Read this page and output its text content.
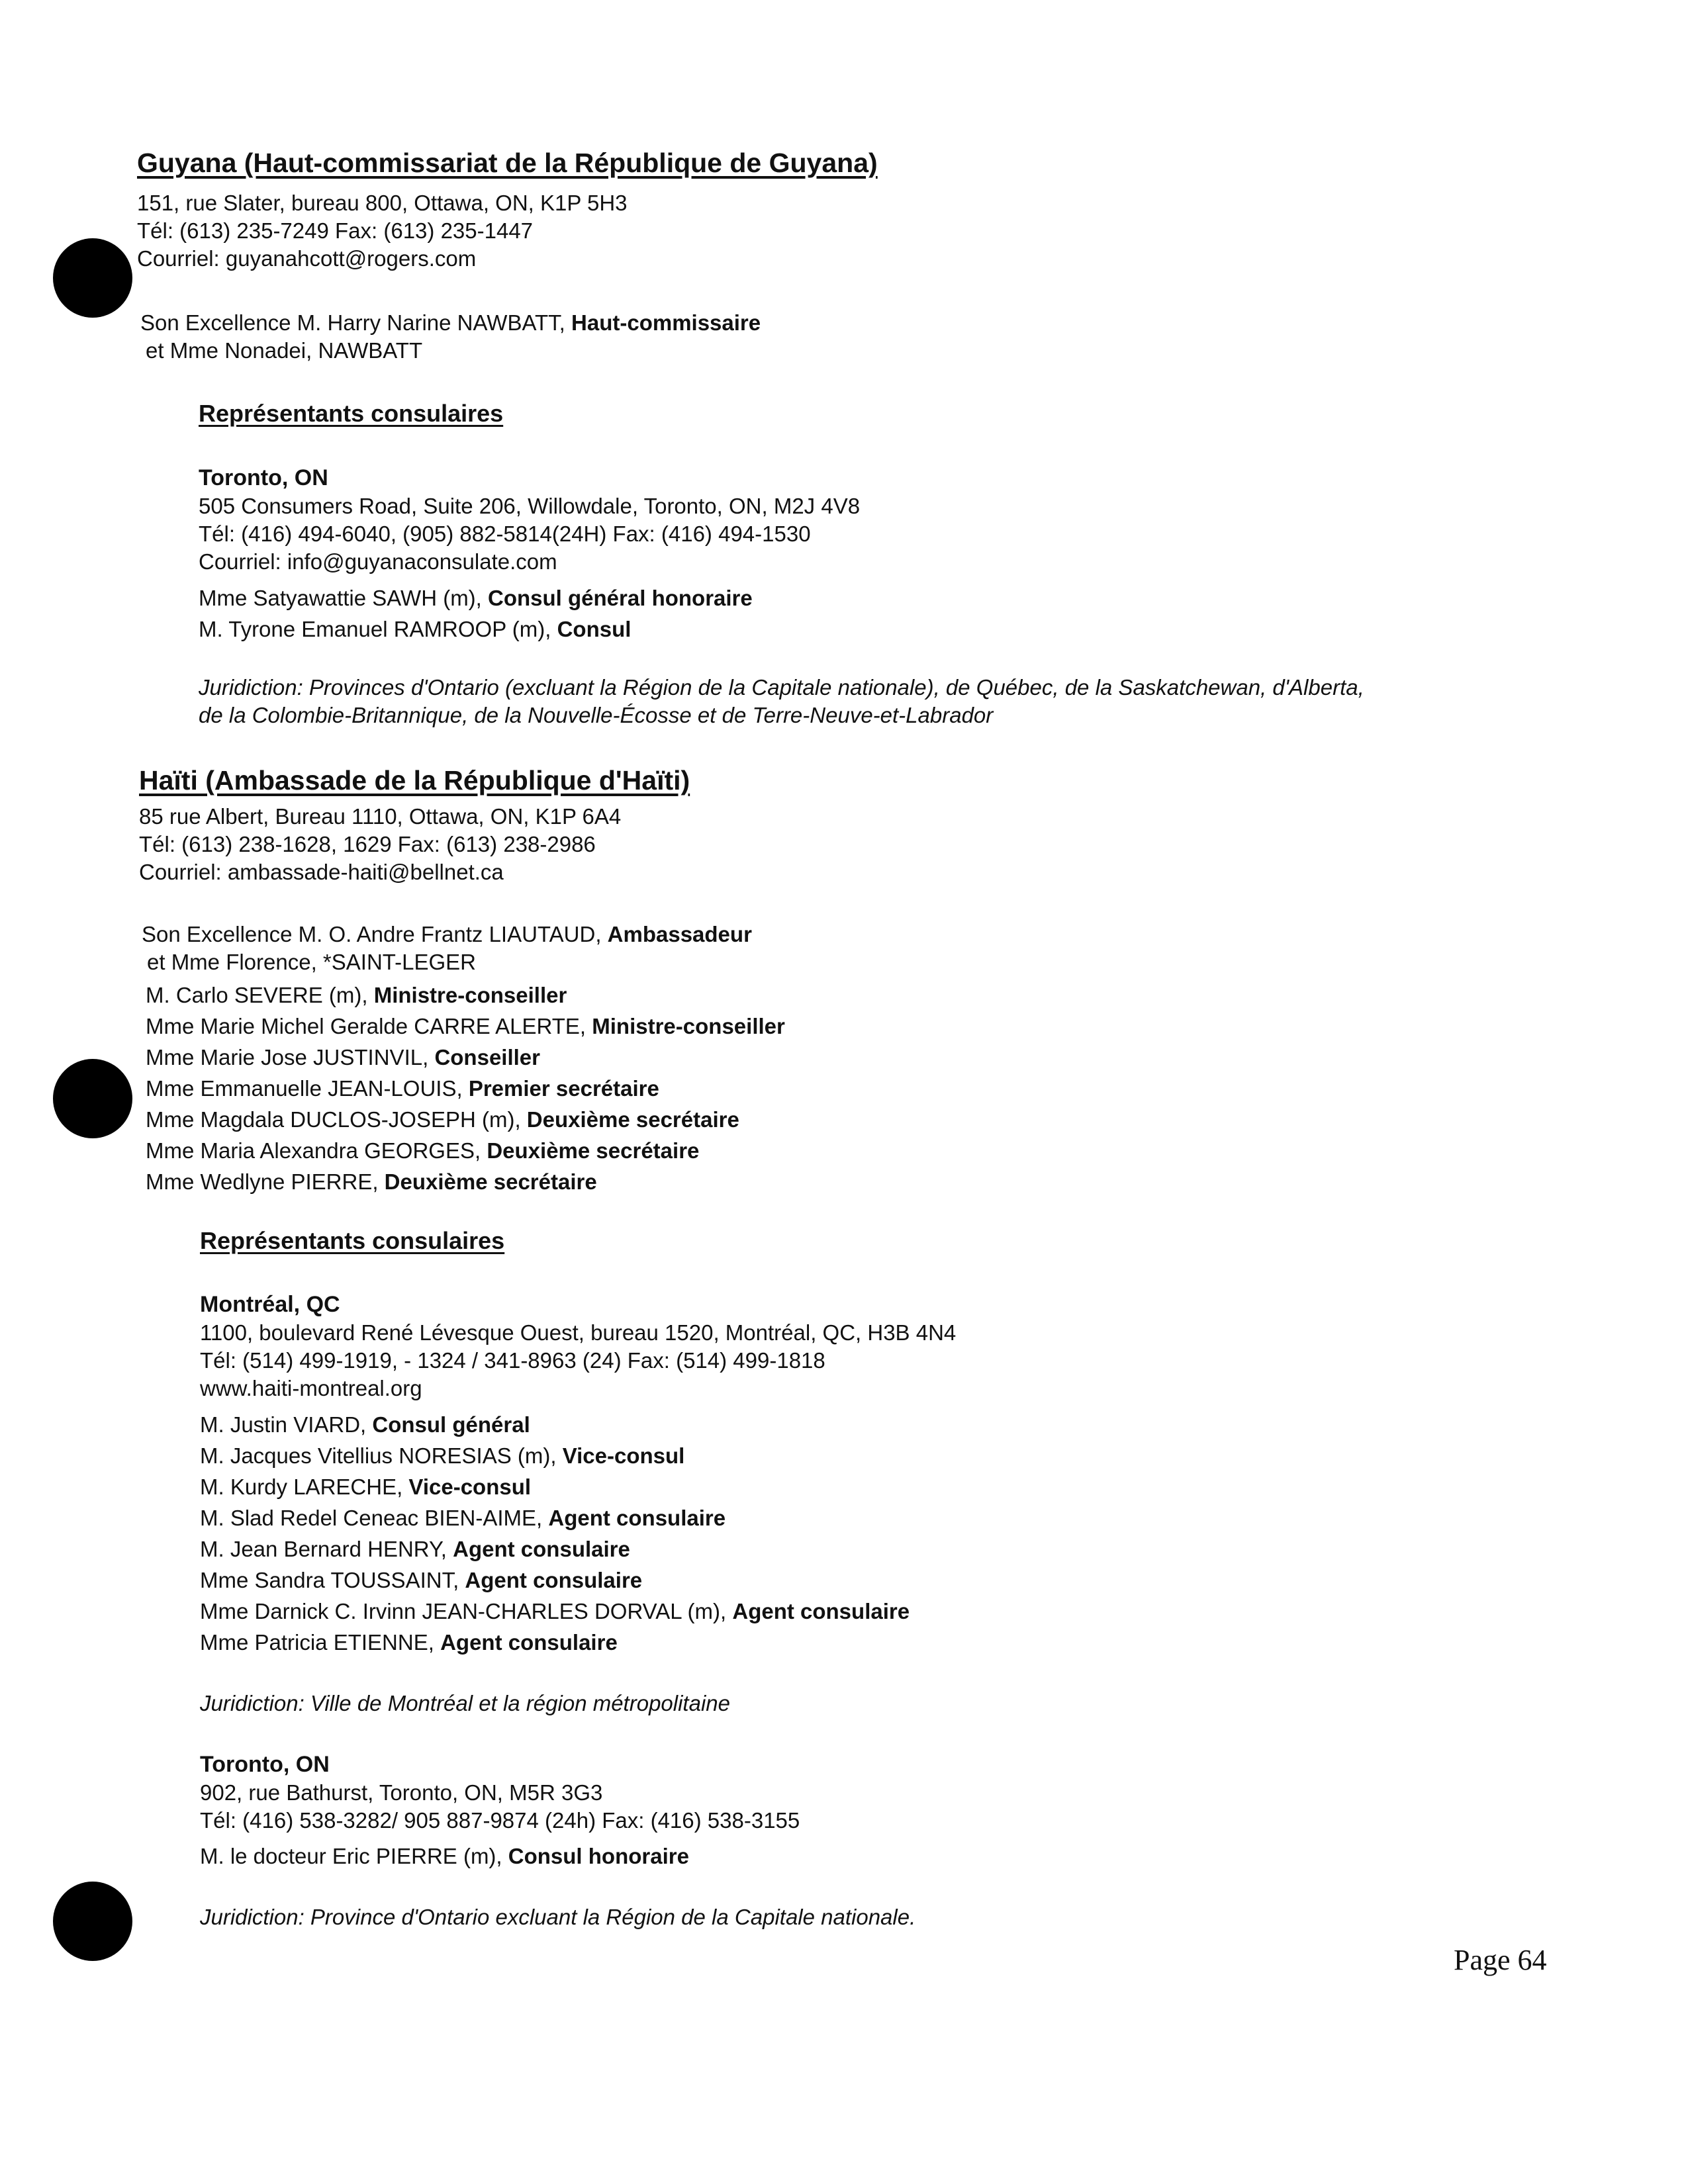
Guyana (Haut-commissariat de la République de Guyana)
151, rue Slater, bureau 800, Ottawa, ON, K1P 5H3
Tél: (613) 235-7249 Fax: (613) 235-1447
Courriel: guyanahcott@rogers.com
Son Excellence M. Harry Narine NAWBATT, Haut-commissaire
et Mme Nonadei, NAWBATT
Représentants consulaires
Toronto, ON
505 Consumers Road, Suite 206, Willowdale, Toronto, ON, M2J 4V8
Tél: (416) 494-6040, (905) 882-5814(24H) Fax: (416) 494-1530
Courriel: info@guyanaconsulate.com
Mme Satyawattie SAWH (m), Consul général honoraire
M. Tyrone Emanuel RAMROOP (m), Consul
Juridiction: Provinces d'Ontario (excluant la Région de la Capitale nationale), de Québec, de la Saskatchewan, d'Alberta,
de la Colombie-Britannique, de la Nouvelle-Écosse et de Terre-Neuve-et-Labrador
Haïti (Ambassade de la République d'Haïti)
85 rue Albert, Bureau 1110, Ottawa, ON, K1P 6A4
Tél: (613) 238-1628, 1629 Fax: (613) 238-2986
Courriel: ambassade-haiti@bellnet.ca
Son Excellence M. O. Andre Frantz LIAUTAUD, Ambassadeur
et Mme Florence, *SAINT-LEGER
M. Carlo SEVERE (m), Ministre-conseiller
Mme Marie Michel Geralde CARRE ALERTE, Ministre-conseiller
Mme Marie Jose JUSTINVIL, Conseiller
Mme Emmanuelle JEAN-LOUIS, Premier secrétaire
Mme Magdala DUCLOS-JOSEPH (m), Deuxième secrétaire
Mme Maria Alexandra GEORGES, Deuxième secrétaire
Mme Wedlyne PIERRE, Deuxième secrétaire
Représentants consulaires
Montréal, QC
1100, boulevard René Lévesque Ouest, bureau 1520, Montréal, QC, H3B 4N4
Tél: (514) 499-1919, - 1324 / 341-8963 (24) Fax: (514) 499-1818
www.haiti-montreal.org
M. Justin VIARD, Consul général
M. Jacques Vitellius NORESIAS (m), Vice-consul
M. Kurdy LARECHE, Vice-consul
M. Slad Redel Ceneac BIEN-AIME, Agent consulaire
M. Jean Bernard HENRY, Agent consulaire
Mme Sandra TOUSSAINT, Agent consulaire
Mme Darnick C. Irvinn JEAN-CHARLES DORVAL (m), Agent consulaire
Mme Patricia ETIENNE, Agent consulaire
Juridiction: Ville de Montréal et la région métropolitaine
Toronto, ON
902, rue Bathurst, Toronto, ON, M5R 3G3
Tél: (416) 538-3282/ 905 887-9874 (24h) Fax: (416) 538-3155
M. le docteur Eric PIERRE (m), Consul honoraire
Juridiction: Province d'Ontario excluant la Région de la Capitale nationale.
Page 64
